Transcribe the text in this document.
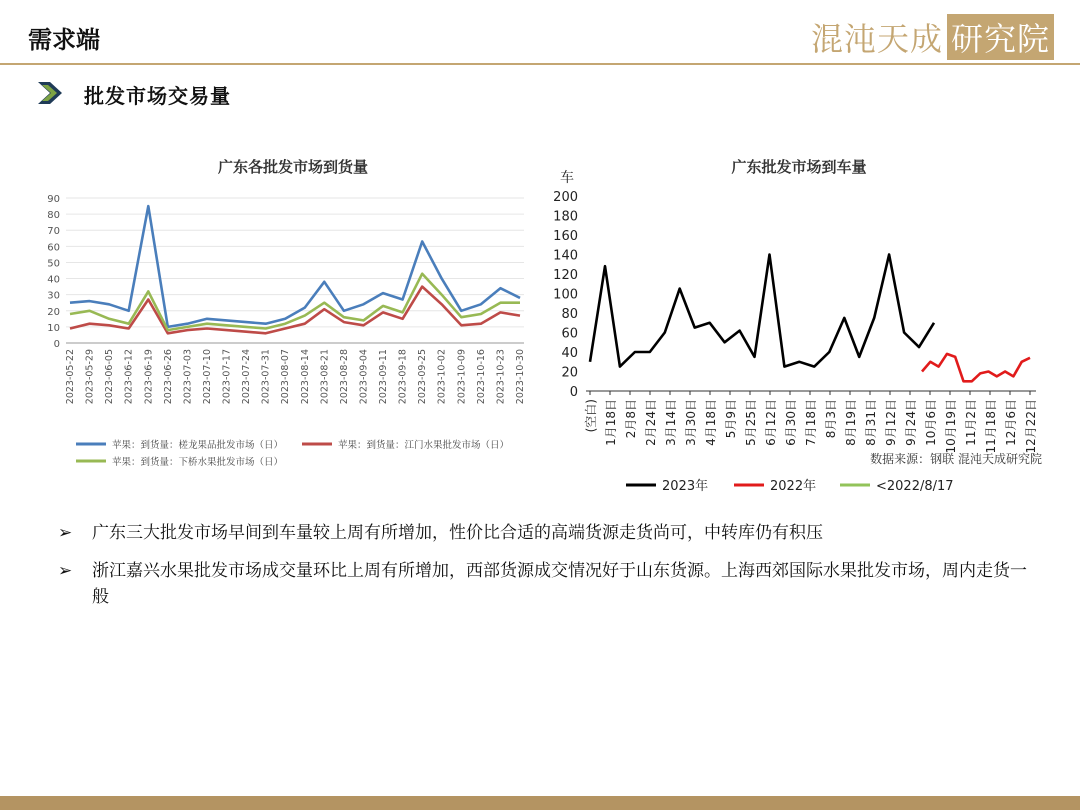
需求端	混沌天成 研究院
批发市场交易量
广东各批发市场到货量
0
10
20
30
40
50
60
70
80
90
2023-05-22 2023-05-29 2023-06-05 2023-06-12 2023-06-19 2023-06-26 2023-07-03 2023-07-10 2023-07-17 2023-07-24 2023-07-31 2023-08-07 2023-08-14 2023-08-21 2023-08-28 2023-09-04 2023-09-11 2023-09-18 2023-09-25 2023-10-02 2023-10-09 2023-10-16 2023-10-23 2023-10-30
苹果：到货量：槎龙果品批发市场（日）	苹果：到货量：江门水果批发市场（日）
苹果：到货量：下桥水果批发市场（日）
广东批发市场到车量
车
0
20
40
60
80
100
120
140
160
180
200
(空白) 1月18日 2月8日 2月24日 3月14日 3月30日 4月18日 5月9日 5月25日 6月12日 6月30日 7月18日 8月3日 8月19日 8月31日 9月12日 9月24日 10月6日 10月19日 11月2日 11月18日 12月6日 12月22日
数据来源：钢联 混沌天成研究院
2023年	2022年	<2022/8/17
➢ 广东三大批发市场早间到车量较上周有所增加，性价比合适的高端货源走货尚可，中转库仍有积压
➢ 浙江嘉兴水果批发市场成交量环比上周有所增加，西部货源成交情况好于山东货源。上海西郊国际水果批发市场，周内走货一般
